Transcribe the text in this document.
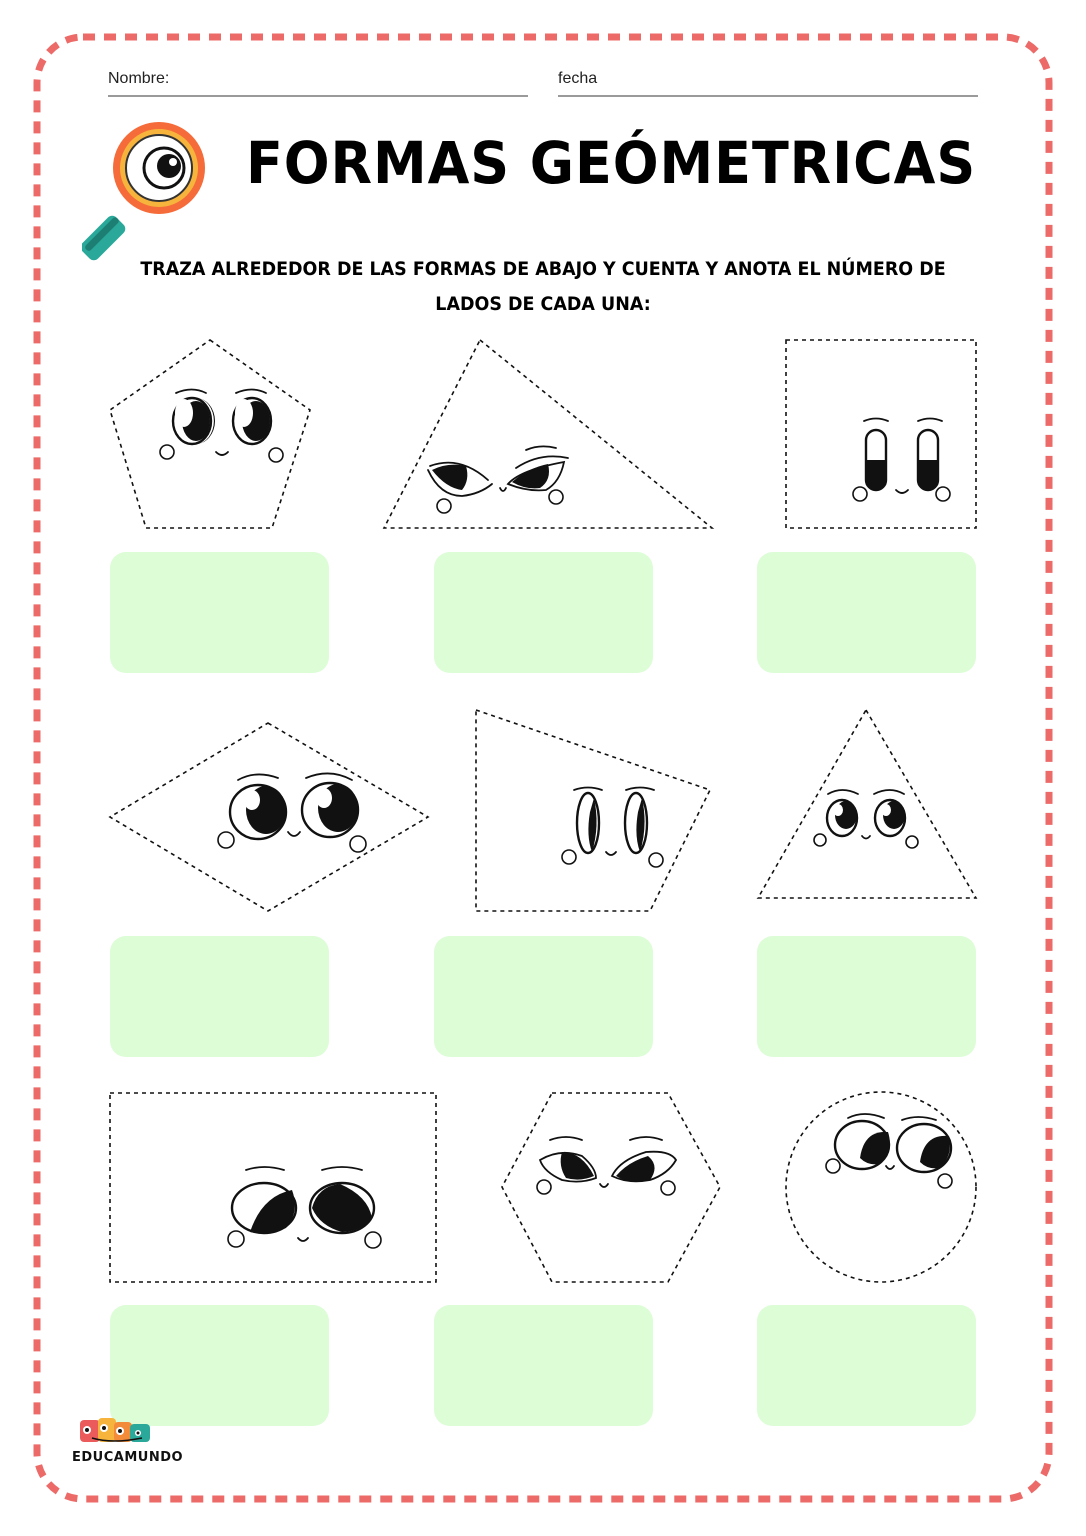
Nombre:	fecha
FORMAS GEÓMETRICAS
TRAZA ALREDEDOR DE LAS FORMAS DE ABAJO Y CUENTA Y ANOTA EL NÚMERO DE LADOS DE CADA UNA:
EDUCAMUNDO
